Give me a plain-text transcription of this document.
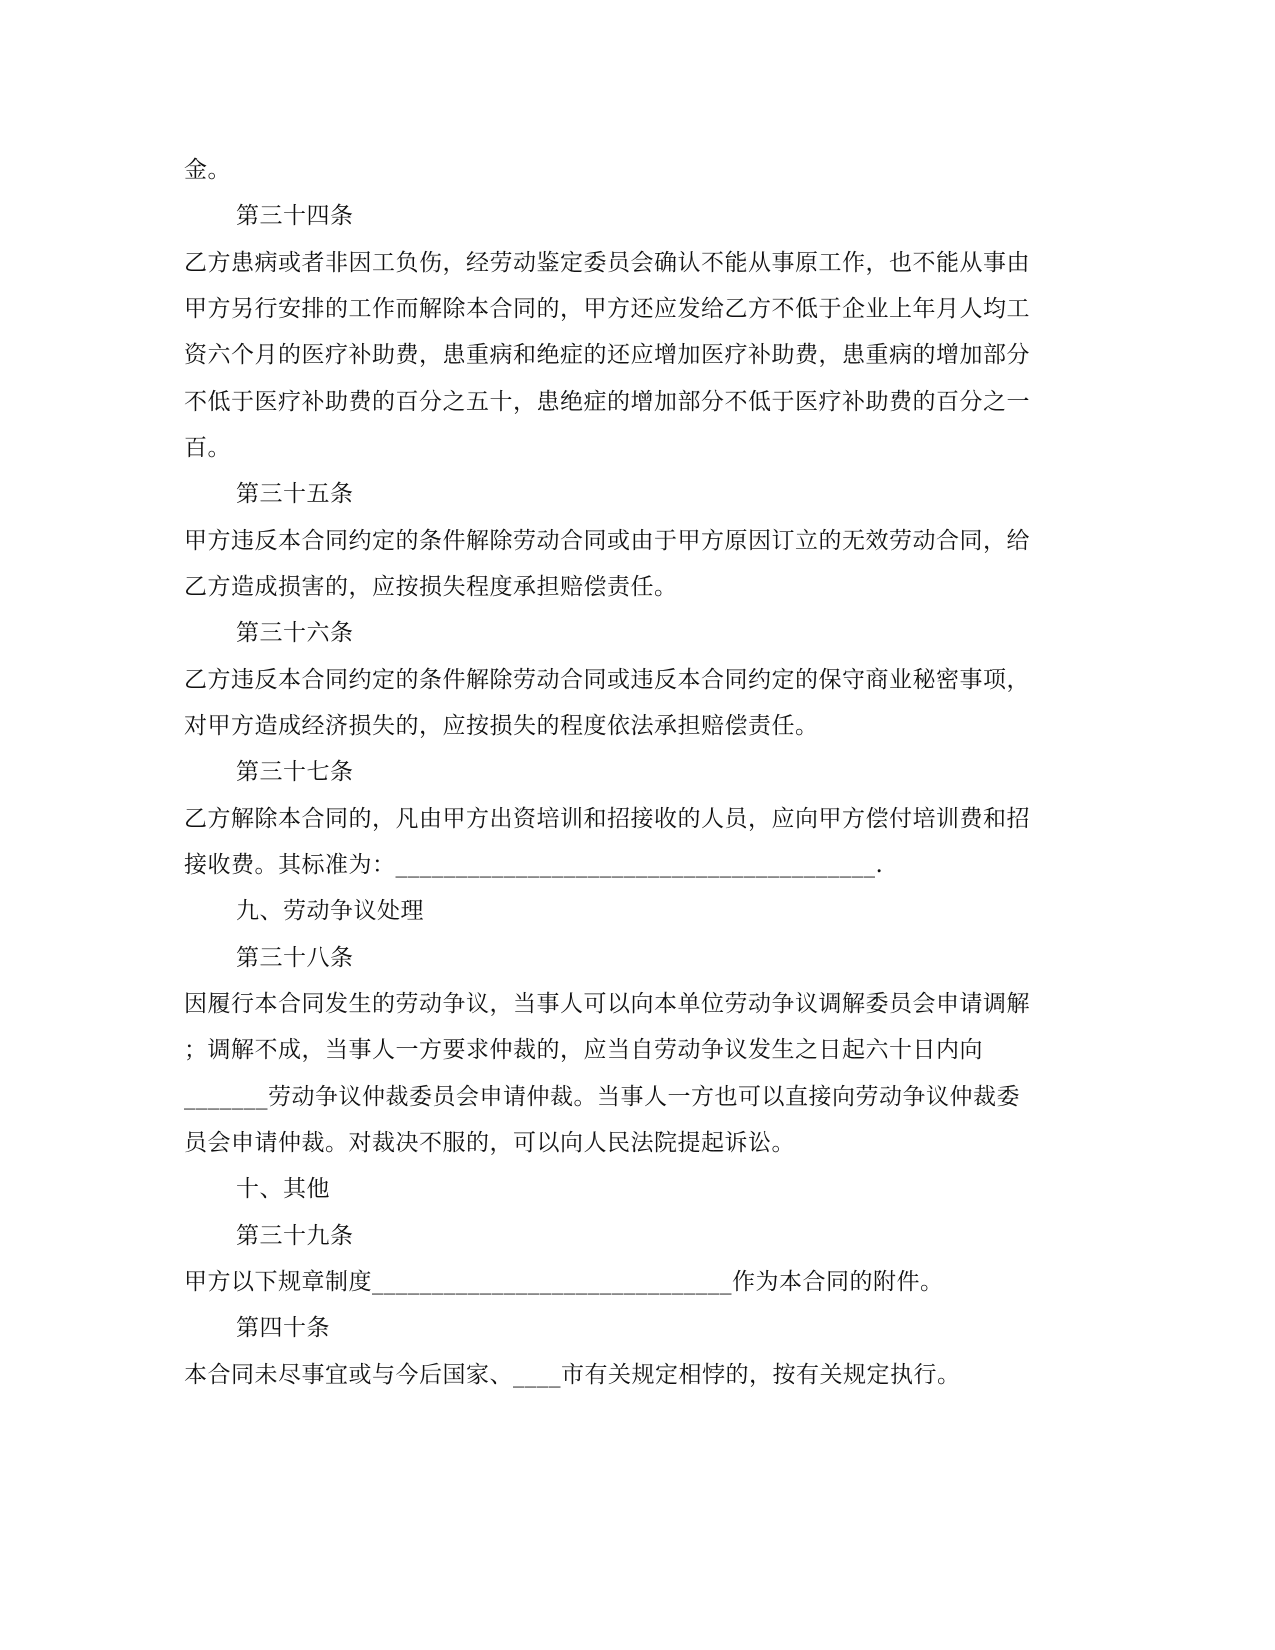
金。
第三十四条
乙方患病或者非因工负伤，经劳动鉴定委员会确认不能从事原工作，也不能从事由
甲方另行安排的工作而解除本合同的，甲方还应发给乙方不低于企业上年月人均工
资六个月的医疗补助费，患重病和绝症的还应增加医疗补助费，患重病的增加部分
不低于医疗补助费的百分之五十，患绝症的增加部分不低于医疗补助费的百分之一
百。
第三十五条
甲方违反本合同约定的条件解除劳动合同或由于甲方原因订立的无效劳动合同，给
乙方造成损害的，应按损失程度承担赔偿责任。
第三十六条
乙方违反本合同约定的条件解除劳动合同或违反本合同约定的保守商业秘密事项，
对甲方造成经济损失的，应按损失的程度依法承担赔偿责任。
第三十七条
乙方解除本合同的，凡由甲方出资培训和招接收的人员，应向甲方偿付培训费和招
接收费。其标准为：________________________________________.
九、劳动争议处理
第三十八条
因履行本合同发生的劳动争议，当事人可以向本单位劳动争议调解委员会申请调解
；调解不成，当事人一方要求仲裁的，应当自劳动争议发生之日起六十日内向
_______劳动争议仲裁委员会申请仲裁。当事人一方也可以直接向劳动争议仲裁委
员会申请仲裁。对裁决不服的，可以向人民法院提起诉讼。
十、其他
第三十九条
甲方以下规章制度______________________________作为本合同的附件。
第四十条
本合同未尽事宜或与今后国家、____市有关规定相悖的，按有关规定执行。
